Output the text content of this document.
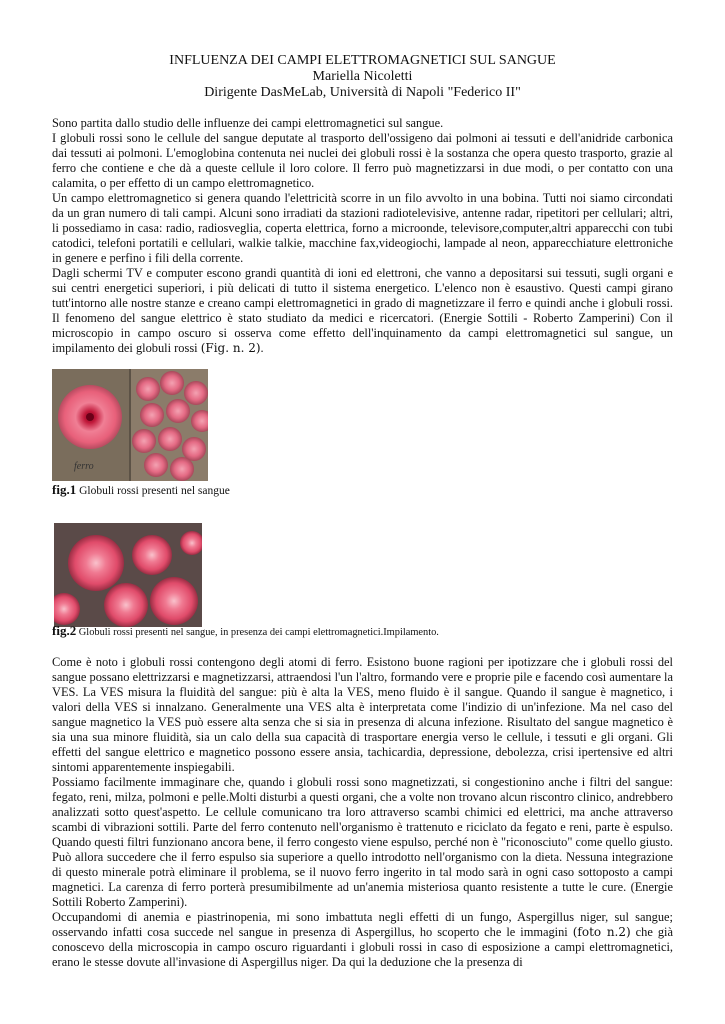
INFLUENZA DEI CAMPI ELETTROMAGNETICI SUL SANGUE
Mariella Nicoletti
Dirigente DasMeLab, Università di Napoli "Federico II"

Sono partita dallo studio delle influenze dei campi elettromagnetici sul sangue.

I globuli rossi sono le cellule del sangue deputate al trasporto dell'ossigeno dai polmoni ai tessuti e dell'anidride carbonica dai tessuti ai polmoni. L'emoglobina contenuta nei nuclei dei globuli rossi è la sostanza che opera questo trasporto, grazie al ferro che contiene e che dà a queste cellule il loro colore. Il ferro può magnetizzarsi in due modi, o per contatto con una calamita, o per effetto di un campo elettromagnetico.

Un campo elettromagnetico si genera quando l'elettricità scorre in un filo avvolto in una bobina. Tutti noi siamo circondati da un gran numero di tali campi. Alcuni sono irradiati da stazioni radiotelevisive, antenne radar, ripetitori per cellulari; altri, li possediamo in casa: radio, radiosveglia, coperta elettrica, forno a microonde, televisore,computer,altri apparecchi con tubi catodici, telefoni portatili e cellulari, walkie talkie, macchine fax,videogiochi, lampade al neon, apparecchiature elettroniche in genere e perfino i fili della corrente.

Dagli schermi TV e computer escono grandi quantità di ioni ed elettroni, che vanno a depositarsi sui tessuti, sugli organi e sui centri energetici superiori, i più delicati di tutto il sistema energetico. L'elenco non è esaustivo. Questi campi girano tutt'intorno alle nostre stanze e creano campi elettromagnetici in grado di magnetizzare il ferro e quindi anche i globuli rossi. Il fenomeno del sangue elettrico è stato studiato da medici e ricercatori. (Energie Sottili - Roberto Zamperini) Con il microscopio in campo oscuro si osserva come effetto dell'inquinamento da campi elettromagnetici sul sangue, un impilamento dei globuli rossi (Fig. n. 2).

ferro
fig.1 Globuli rossi presenti nel sangue
fig.2 Globuli rossi presenti nel sangue, in presenza dei campi elettromagnetici.Impilamento.

Come è noto i globuli rossi contengono degli atomi di ferro. Esistono buone ragioni per ipotizzare che i globuli rossi del sangue possano elettrizzarsi e magnetizzarsi, attraendosi l'un l'altro, formando vere e proprie pile e facendo così aumentare la VES. La VES misura la fluidità del sangue: più è alta la VES, meno fluido è il sangue. Quando il sangue è magnetico, i valori della VES si innalzano. Generalmente una VES alta è interpretata come l'indizio di un'infezione. Ma nel caso del sangue magnetico la VES può essere alta senza che si sia in presenza di alcuna infezione. Risultato del sangue magnetico è sia una sua minore fluidità, sia un calo della sua capacità di trasportare energia verso le cellule, i tessuti e gli organi. Gli effetti del sangue elettrico e magnetico possono essere ansia, tachicardia, depressione, debolezza, crisi ipertensive ed altri sintomi apparentemente inspiegabili.

Possiamo facilmente immaginare che, quando i globuli rossi sono magnetizzati, si congestionino anche i filtri del sangue: fegato, reni, milza, polmoni e pelle.Molti disturbi a questi organi, che a volte non trovano alcun riscontro clinico, andrebbero analizzati sotto quest'aspetto. Le cellule comunicano tra loro attraverso scambi chimici ed elettrici, ma anche attraverso scambi di vibrazioni sottili. Parte del ferro contenuto nell'organismo è trattenuto e riciclato da fegato e reni, parte è espulso. Quando questi filtri funzionano ancora bene, il ferro congesto viene espulso, perché non è "riconosciuto" come quello giusto. Può allora succedere che il ferro espulso sia superiore a quello introdotto nell'organismo con la dieta. Nessuna integrazione di questo minerale potrà eliminare il problema, se il nuovo ferro ingerito in tal modo sarà in ogni caso sottoposto a campi magnetici. La carenza di ferro porterà presumibilmente ad un'anemia misteriosa quanto resistente a tutte le cure. (Energie Sottili Roberto Zamperini).

Occupandomi di anemia e piastrinopenia, mi sono imbattuta negli effetti di un fungo, Aspergillus niger, sul sangue; osservando infatti cosa succede nel sangue in presenza di Aspergillus, ho scoperto che le immagini (foto n.2) che già conoscevo della microscopia in campo oscuro riguardanti i globuli rossi in caso di esposizione a campi elettromagnetici, erano le stesse dovute all'invasione di Aspergillus niger. Da qui la deduzione che la presenza di
